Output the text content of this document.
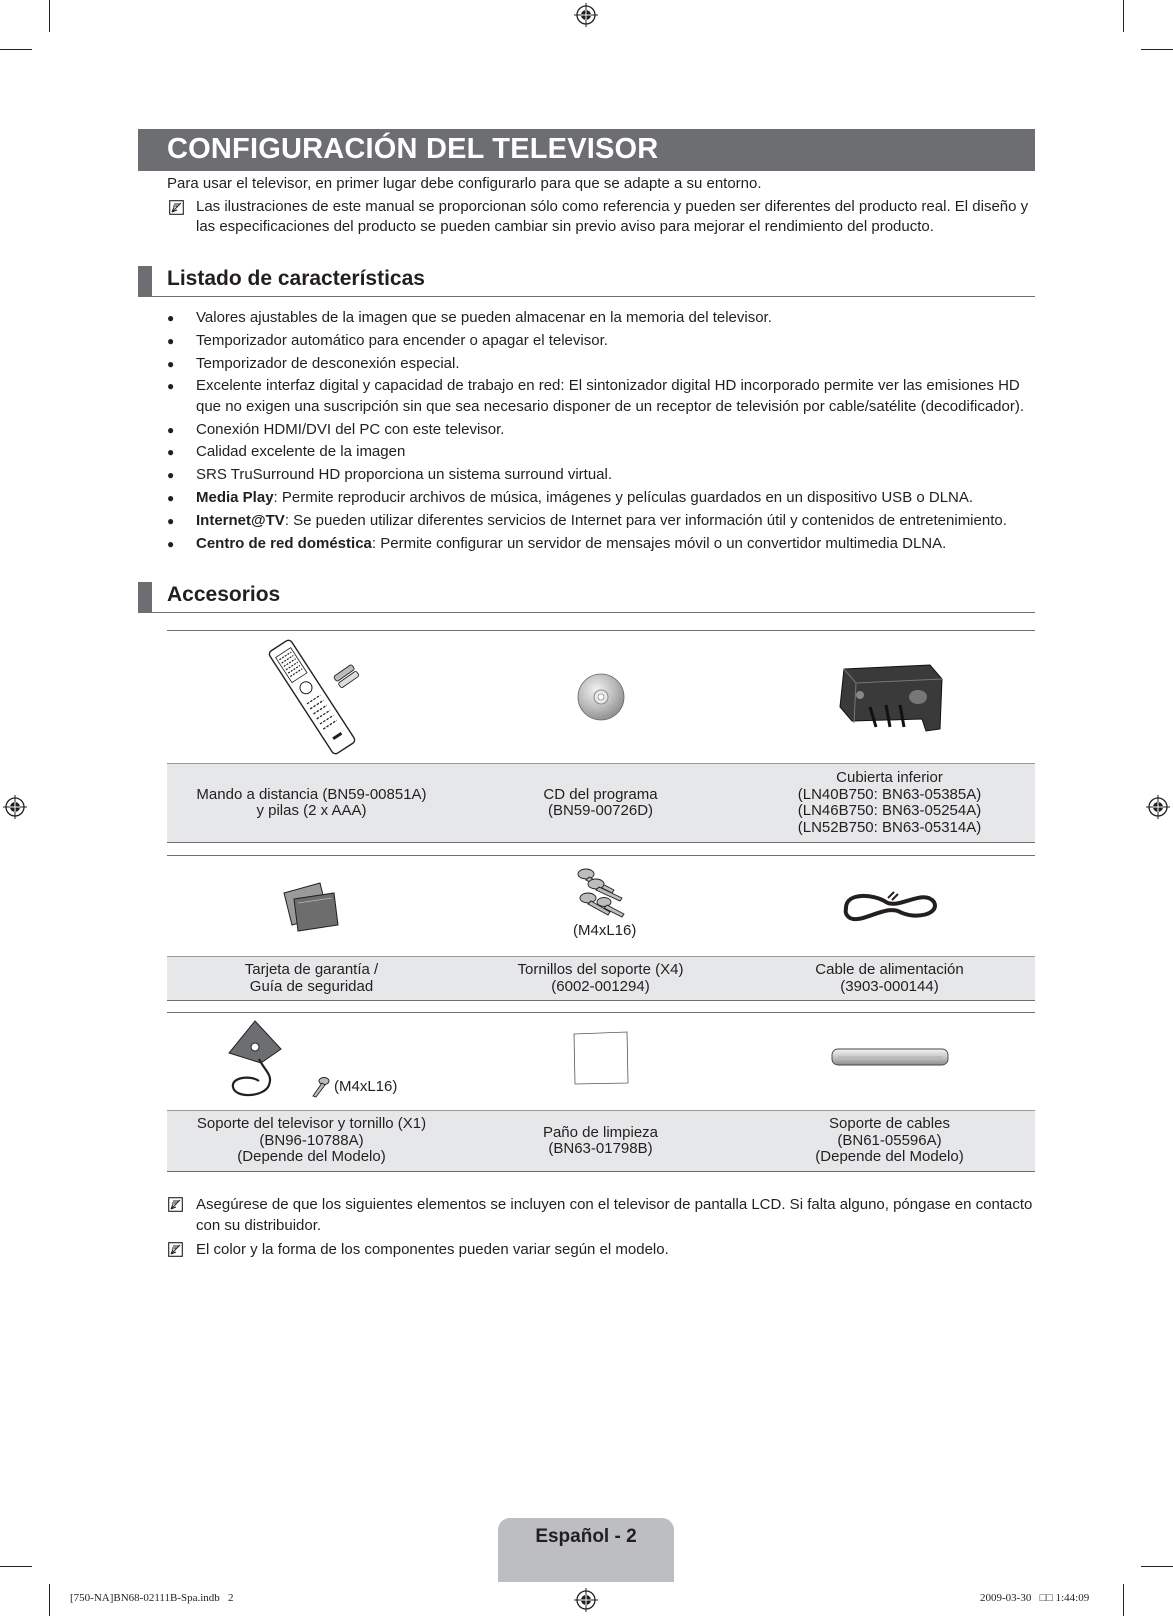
CONFIGURACIÓN DEL TELEVISOR
Para usar el televisor, en primer lugar debe configurarlo para que se adapte a su entorno.
Las ilustraciones de este manual se proporcionan sólo como referencia y pueden ser diferentes del producto real. El diseño y las especificaciones del producto se pueden cambiar sin previo aviso para mejorar el rendimiento del producto.
Listado de características
● Valores ajustables de la imagen que se pueden almacenar en la memoria del televisor.
● Temporizador automático para encender o apagar el televisor.
● Temporizador de desconexión especial.
● Excelente interfaz digital y capacidad de trabajo en red: El sintonizador digital HD incorporado permite ver las emisiones HD que no exigen una suscripción sin que sea necesario disponer de un receptor de televisión por cable/satélite (decodificador).
● Conexión HDMI/DVI del PC con este televisor.
● Calidad excelente de la imagen
● SRS TruSurround HD proporciona un sistema surround virtual.
● Media Play: Permite reproducir archivos de música, imágenes y películas guardados en un dispositivo USB o DLNA.
● Internet@TV: Se pueden utilizar diferentes servicios de Internet para ver información útil y contenidos de entretenimiento.
● Centro de red doméstica: Permite configurar un servidor de mensajes móvil o un convertidor multimedia DLNA.
Accesorios
Mando a distancia (BN59-00851A)
y pilas (2 x AAA)
CD del programa
(BN59-00726D)
Cubierta inferior
(LN40B750: BN63-05385A)
(LN46B750: BN63-05254A)
(LN52B750: BN63-05314A)
(M4xL16)
Tarjeta de garantía /
Guía de seguridad
Tornillos del soporte (X4)
(6002-001294)
Cable de alimentación
(3903-000144)
(M4xL16)
Soporte del televisor y tornillo (X1)
(BN96-10788A)
(Depende del Modelo)
Paño de limpieza
(BN63-01798B)
Soporte de cables
(BN61-05596A)
(Depende del Modelo)
Asegúrese de que los siguientes elementos se incluyen con el televisor de pantalla LCD. Si falta alguno, póngase en contacto con su distribuidor.
El color y la forma de los componentes pueden variar según el modelo.
Español - 2
[750-NA]BN68-02111B-Spa.indb   2	2009-03-30   □□ 1:44:09
